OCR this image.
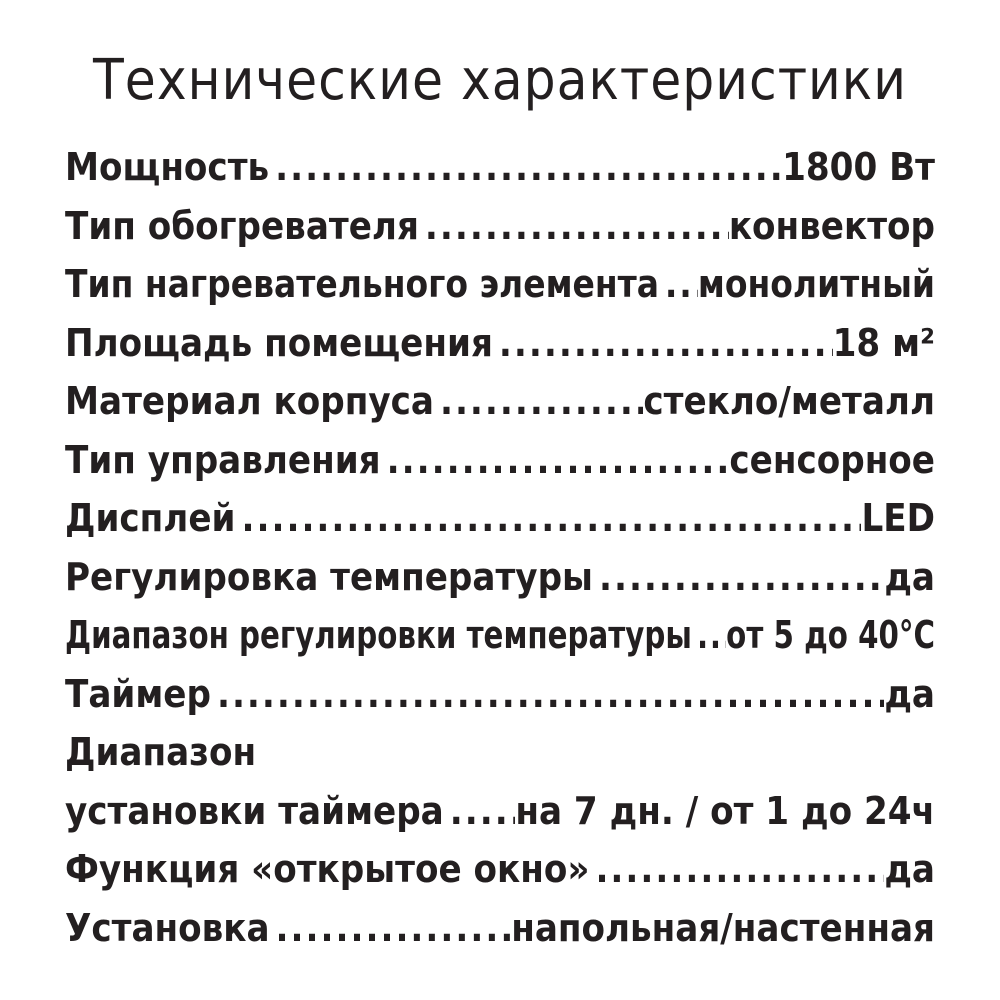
Технические характеристики
Мощность .....	1800 Вт
Тип обогревателя .....	конвектор
Тип нагревательного элемента ..... монолитный
Площадь помещения .....	18 м²
Материал корпуса .....	стекло/металл
Тип управления .....	сенсорное
Дисплей .....	LED
Регулировка температуры .....	да
Диапазон регулировки температуры ..... от 5 до 40°С
Таймер .....	да
Диапазон
установки таймера ..... на 7 дн. / от 1 до 24ч
Функция «открытое окно» .....	да
Установка .....	напольная/настенная
